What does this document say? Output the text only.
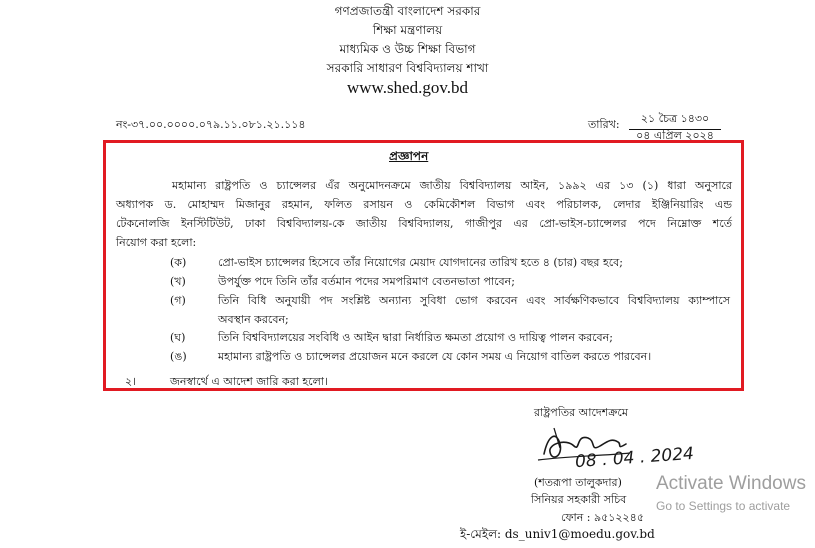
গণপ্রজাতন্ত্রী বাংলাদেশ সরকার
শিক্ষা মন্ত্রণালয়
মাধ্যমিক ও উচ্চ শিক্ষা বিভাগ
সরকারি সাধারণ বিশ্ববিদ্যালয় শাখা
www.shed.gov.bd
নং-৩৭.০০.০০০০.০৭৯.১১.০৮১.২১.১১৪	তারিখ:	২১ চৈত্র ১৪৩০
০৪ এপ্রিল ২০২৪
প্রজ্ঞাপন
মহামান্য রাষ্ট্রপতি ও চ্যান্সেলর এঁর অনুমোদনক্রমে জাতীয় বিশ্ববিদ্যালয় আইন, ১৯৯২ এর ১৩ (১) ধারা অনুসারে
অধ্যাপক ড. মোহাম্মদ মিজানুর রহমান, ফলিত রসায়ন ও কেমিকৌশল বিভাগ এবং পরিচালক, লেদার ইঞ্জিনিয়ারিং এন্ড
টেকনোলজি ইনস্টিটিউট, ঢাকা বিশ্ববিদ্যালয়-কে জাতীয় বিশ্ববিদ্যালয়, গাজীপুর এর প্রো-ভাইস-চ্যান্সেলর পদে নিম্নোক্ত শর্তে
নিয়োগ করা হলো:
(ক)	প্রো-ভাইস চ্যান্সেলর হিসেবে তাঁর নিয়োগের মেয়াদ যোগদানের তারিখ হতে ৪ (চার) বছর হবে;
(খ)	উপর্যুক্ত পদে তিনি তাঁর বর্তমান পদের সমপরিমাণ বেতনভাতা পাবেন;
(গ)	তিনি বিধি অনুযায়ী পদ সংশ্লিষ্ট অন্যান্য সুবিধা ভোগ করবেন এবং সার্বক্ষণিকভাবে বিশ্ববিদ্যালয় ক্যাম্পাসে
অবস্থান করবেন;
(ঘ)	তিনি বিশ্ববিদ্যালয়ের সংবিধি ও আইন দ্বারা নির্ধারিত ক্ষমতা প্রয়োগ ও দায়িত্ব পালন করবেন;
(ঙ)	মহামান্য রাষ্ট্রপতি ও চ্যান্সেলর প্রয়োজন মনে করলে যে কোন সময় এ নিয়োগ বাতিল করতে পারবেন।
২।	জনস্বার্থে এ আদেশ জারি করা হলো।
রাষ্ট্রপতির আদেশক্রমে
08 . 04 . 2024
(শতরূপা তালুকদার)
সিনিয়র সহকারী সচিব
ফোন : ৯৫১২২৪৫
ই-মেইল: ds_univ1@moedu.gov.bd
Activate Windows
Go to Settings to activate
